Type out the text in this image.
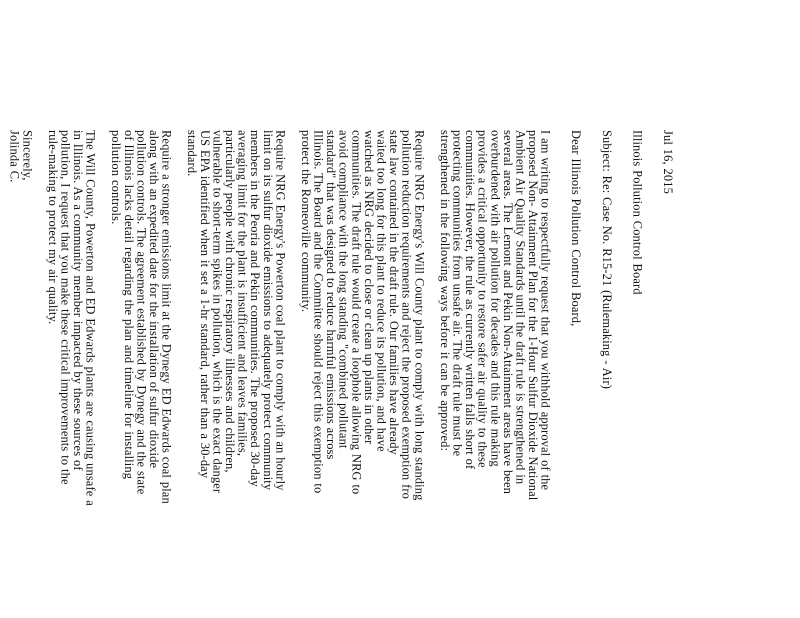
Jul 16, 2015
Illinois Pollution Control Board
Subject: Re: Case No. R15-21 (Rulemaking - Air)
Dear Illinois Pollution Control Board,
I am writing to respectfully request that you withhold approval of the
proposed Non- Attainment Plan for the 1-Hour Sulfur Dioxide National
Ambient Air Quality Standards until the draft rule is strengthened in
several areas. The Lemont and Pekin Non-Attainment areas have been
overburdened with air pollution for decades and this rule making
provides a critical opportunity to restore safer air quality to these
communities. However, the rule as currently written falls short of
protecting communities from unsafe air. The draft rule must be
strengthened in the following ways before it can be approved:
Require NRG Energy's Will County plant to comply with long standing
pollution reduction requirements and reject the proposed exemption fro
state law contained in the draft rule. Our families have already
waited too long for this plant to reduce its pollution, and have
watched as NRG decided to close or clean up plants in other
communities. The draft rule would create a loophole allowing NRG to
avoid compliance with the long standing "combined pollutant
standard" that was designed to reduce harmful emissions across
Illinois. The Board and the Committee should reject this exemption to
protect the Romeoville community.
Require NRG Energy's Powerton coal plant to comply with an hourly
limit on its sulfur dioxide emissions to adequately protect community
members in the Peoria and Pekin communities. The proposed 30-day
averaging limit for the plant is insufficient and leaves families,
particularly people with chronic respiratory illnesses and children,
vulnerable to short-term spikes in pollution, which is the exact danger
US EPA identified when it set a 1-hr standard, rather than a 30-day
standard.
Require a stronger emissions limit at the Dynegy ED Edwards coal plan
along with an expedited date for the installation of sulfur dioxide
pollution controls. The agreement established by Dynegy and the state
of Illinois lacks detail regarding the plan and timeline for installing
pollution controls.
The Will County, Powerton and ED Edwards plants are causing unsafe a
in Illinois. As a community member impacted by these sources of
pollution, I request that you make these critical improvements to the
rule-making to protect my air quality.
Sincerely,
Jolinda C.
